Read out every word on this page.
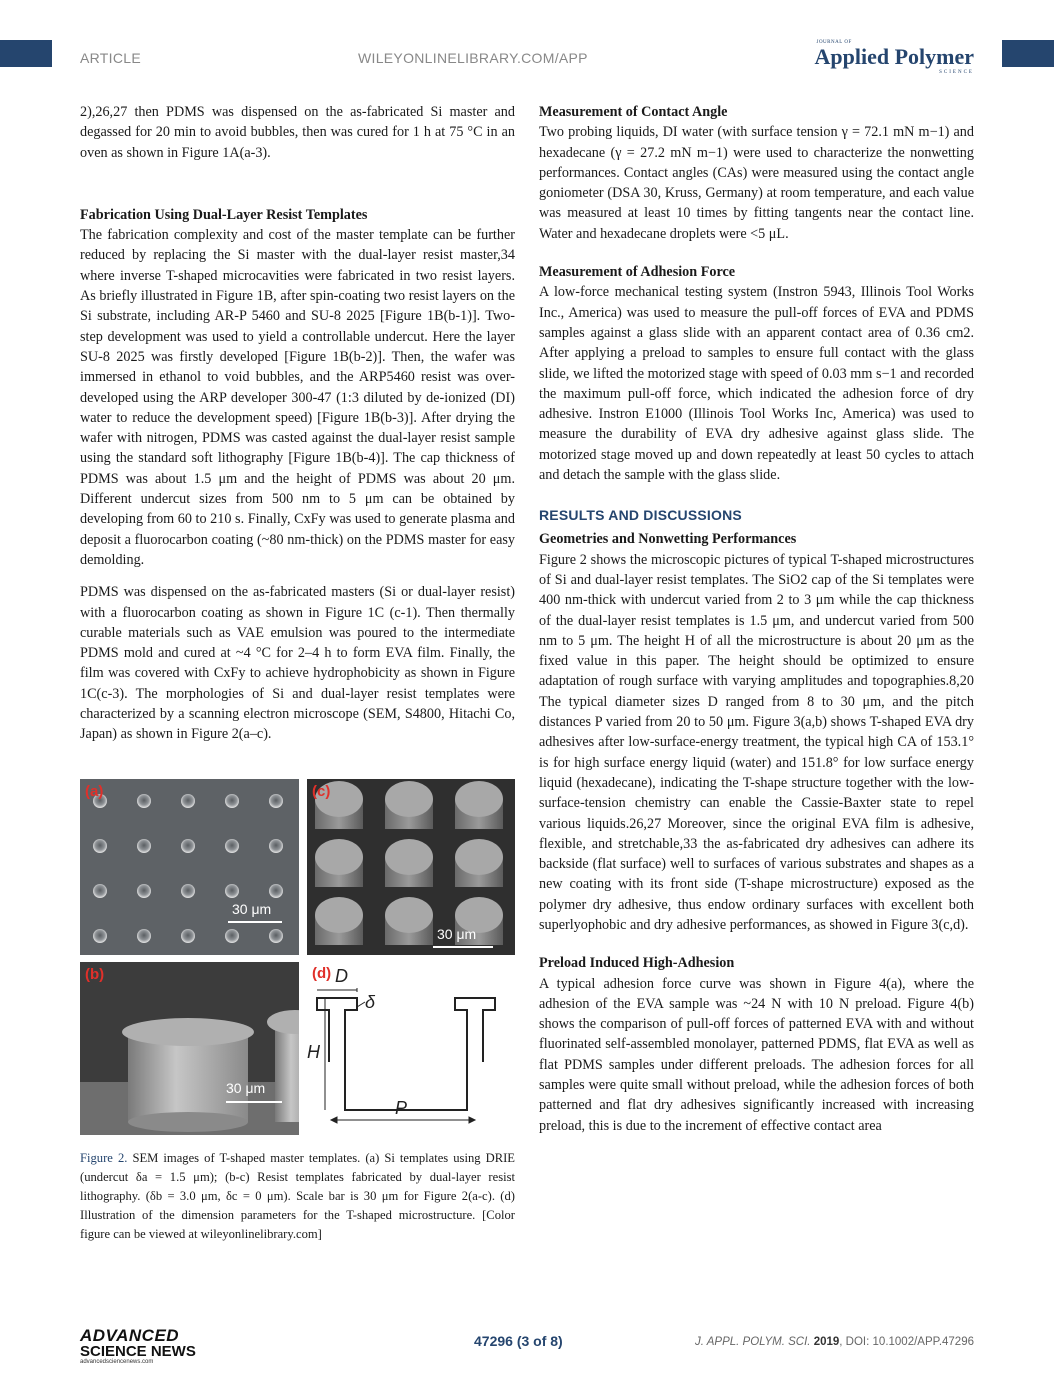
ARTICLE	WILEYONLINELIBRARY.COM/APP
JOURNAL OF
Applied Polymer
SCIENCE

2),26,27 then PDMS was dispensed on the as-fabricated Si master and degassed for 20 min to avoid bubbles, then was cured for 1 h at 75 °C in an oven as shown in Figure 1A(a-3).

Fabrication Using Dual-Layer Resist Templates

The fabrication complexity and cost of the master template can be further reduced by replacing the Si master with the dual-layer resist master,34 where inverse T-shaped microcavities were fabricated in two resist layers. As briefly illustrated in Figure 1B, after spin-coating two resist layers on the Si substrate, including AR-P 5460 and SU-8 2025 [Figure 1B(b-1)]. Two-step development was used to yield a controllable undercut. Here the layer SU-8 2025 was firstly developed [Figure 1B(b-2)]. Then, the wafer was immersed in ethanol to void bubbles, and the ARP5460 resist was over-developed using the ARP developer 300-47 (1:3 diluted by de-ionized (DI) water to reduce the development speed) [Figure 1B(b-3)]. After drying the wafer with nitrogen, PDMS was casted against the dual-layer resist sample using the standard soft lithography [Figure 1B(b-4)]. The cap thickness of PDMS was about 1.5 μm and the height of PDMS was about 20 μm. Different undercut sizes from 500 nm to 5 μm can be obtained by developing from 60 to 210 s. Finally, CxFy was used to generate plasma and deposit a fluorocarbon coating (~80 nm-thick) on the PDMS master for easy demolding.

PDMS was dispensed on the as-fabricated masters (Si or dual-layer resist) with a fluorocarbon coating as shown in Figure 1C (c-1). Then thermally curable materials such as VAE emulsion was poured to the intermediate PDMS mold and cured at ~4 °C for 2–4 h to form EVA film. Finally, the film was covered with CxFy to achieve hydrophobicity as shown in Figure 1C(c-3). The morphologies of Si and dual-layer resist templates were characterized by a scanning electron microscope (SEM, S4800, Hitachi Co, Japan) as shown in Figure 2(a–c).

(a)
30 μm
(c)
30 μm
(b)
30 μm
(d) D
δ
H
P
Figure 2. SEM images of T-shaped master templates. (a) Si templates using DRIE (undercut δa = 1.5 μm); (b-c) Resist templates fabricated by dual-layer resist lithography. (δb = 3.0 μm, δc = 0 μm). Scale bar is 30 μm for Figure 2(a-c). (d) Illustration of the dimension parameters for the T-shaped microstructure. [Color figure can be viewed at wileyonlinelibrary.com]
Measurement of Contact Angle

Two probing liquids, DI water (with surface tension γ = 72.1 mN m−1) and hexadecane (γ = 27.2 mN m−1) were used to characterize the nonwetting performances. Contact angles (CAs) were measured using the contact angle goniometer (DSA 30, Kruss, Germany) at room temperature, and each value was measured at least 10 times by fitting tangents near the contact line. Water and hexadecane droplets were <5 μL.

Measurement of Adhesion Force

A low-force mechanical testing system (Instron 5943, Illinois Tool Works Inc., America) was used to measure the pull-off forces of EVA and PDMS samples against a glass slide with an apparent contact area of 0.36 cm2. After applying a preload to samples to ensure full contact with the glass slide, we lifted the motorized stage with speed of 0.03 mm s−1 and recorded the maximum pull-off force, which indicated the adhesion force of dry adhesive. Instron E1000 (Illinois Tool Works Inc, America) was used to measure the durability of EVA dry adhesive against glass slide. The motorized stage moved up and down repeatedly at least 50 cycles to attach and detach the sample with the glass slide.

RESULTS AND DISCUSSIONS
Geometries and Nonwetting Performances

Figure 2 shows the microscopic pictures of typical T-shaped microstructures of Si and dual-layer resist templates. The SiO2 cap of the Si templates were 400 nm-thick with undercut varied from 2 to 3 μm while the cap thickness of the dual-layer resist templates is 1.5 μm, and undercut varied from 500 nm to 5 μm. The height H of all the microstructure is about 20 μm as the fixed value in this paper. The height should be optimized to ensure adaptation of rough surface with varying amplitudes and topographies.8,20 The typical diameter sizes D ranged from 8 to 30 μm, and the pitch distances P varied from 20 to 50 μm. Figure 3(a,b) shows T-shaped EVA dry adhesives after low-surface-energy treatment, the typical high CA of 153.1° is for high surface energy liquid (water) and 151.8° for low surface energy liquid (hexadecane), indicating the T-shape structure together with the low-surface-tension chemistry can enable the Cassie-Baxter state to repel various liquids.26,27 Moreover, since the original EVA film is adhesive, flexible, and stretchable,33 the as-fabricated dry adhesives can adhere its backside (flat surface) well to surfaces of various substrates and shapes as a new coating with its front side (T-shape microstructure) exposed as the polymer dry adhesive, thus endow ordinary surfaces with excellent both superlyophobic and dry adhesive performances, as showed in Figure 3(c,d).

Preload Induced High-Adhesion

A typical adhesion force curve was shown in Figure 4(a), where the adhesion of the EVA sample was ~24 N with 10 N preload. Figure 4(b) shows the comparison of pull-off forces of patterned EVA with and without fluorinated self-assembled monolayer, patterned PDMS, flat EVA as well as flat PDMS samples under different preloads. The adhesion forces for all samples were quite small without preload, while the adhesion forces of both patterned and flat dry adhesives significantly increased with increasing preload, this is due to the increment of effective contact area

ADVANCED
SCIENCE NEWS
advancedsciencenews.com
47296 (3 of 8)	J. APPL. POLYM. SCI. 2019, DOI: 10.1002/APP.47296
